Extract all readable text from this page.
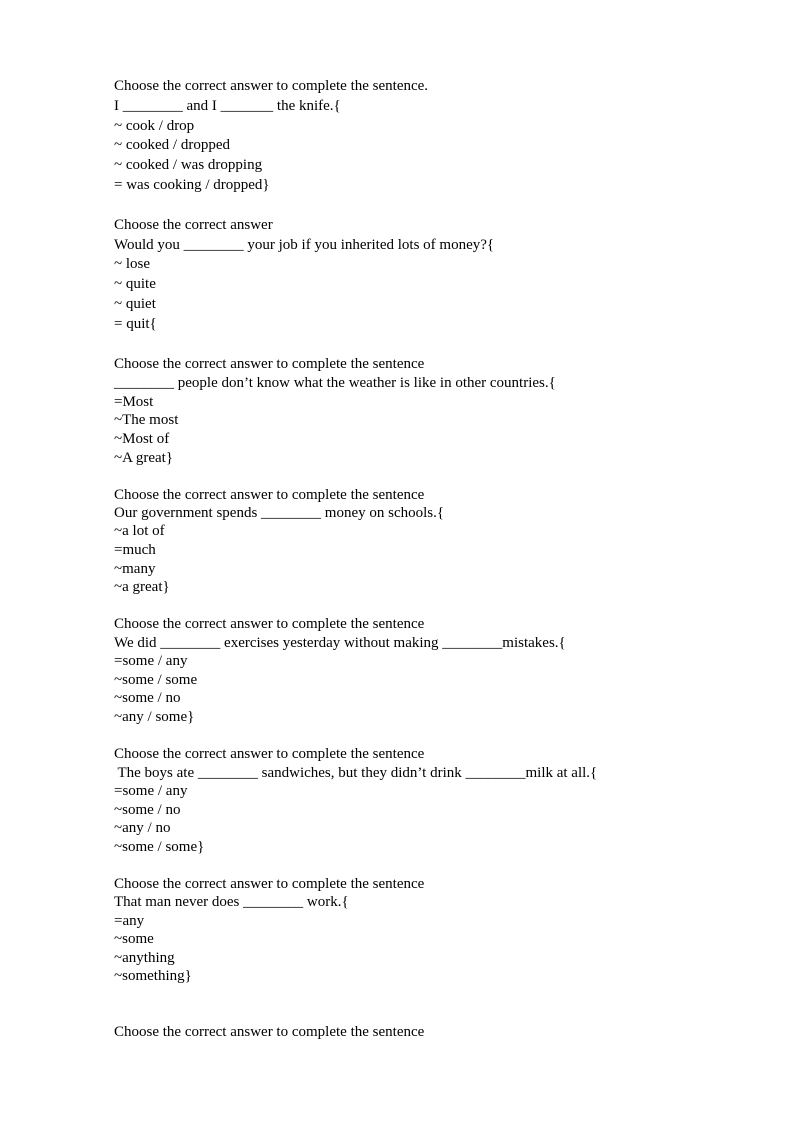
Choose the correct answer to complete the sentence.
I ________ and I _______ the knife.{
~ cook / drop
~ cooked / dropped
~ cooked / was dropping
= was cooking / dropped}
Choose the correct answer
Would you ________ your job if you inherited lots of money?{
~ lose
~ quite
~ quiet
= quit{
Choose the correct answer to complete the sentence
________ people don’t know what the weather is like in other countries.{
=Most
~The most
~Most of
~A great}
Choose the correct answer to complete the sentence
Our government spends ________ money on schools.{
~a lot of
=much
~many
~a great}
Choose the correct answer to complete the sentence
We did ________ exercises yesterday without making ________mistakes.{
=some / any
~some / some
~some / no
~any / some}
Choose the correct answer to complete the sentence
The boys ate ________ sandwiches, but they didn’t drink ________milk at all.{
=some / any
~some / no
~any / no
~some / some}
Choose the correct answer to complete the sentence
That man never does ________ work.{
=any
~some
~anything
~something}
Choose the correct answer to complete the sentence
